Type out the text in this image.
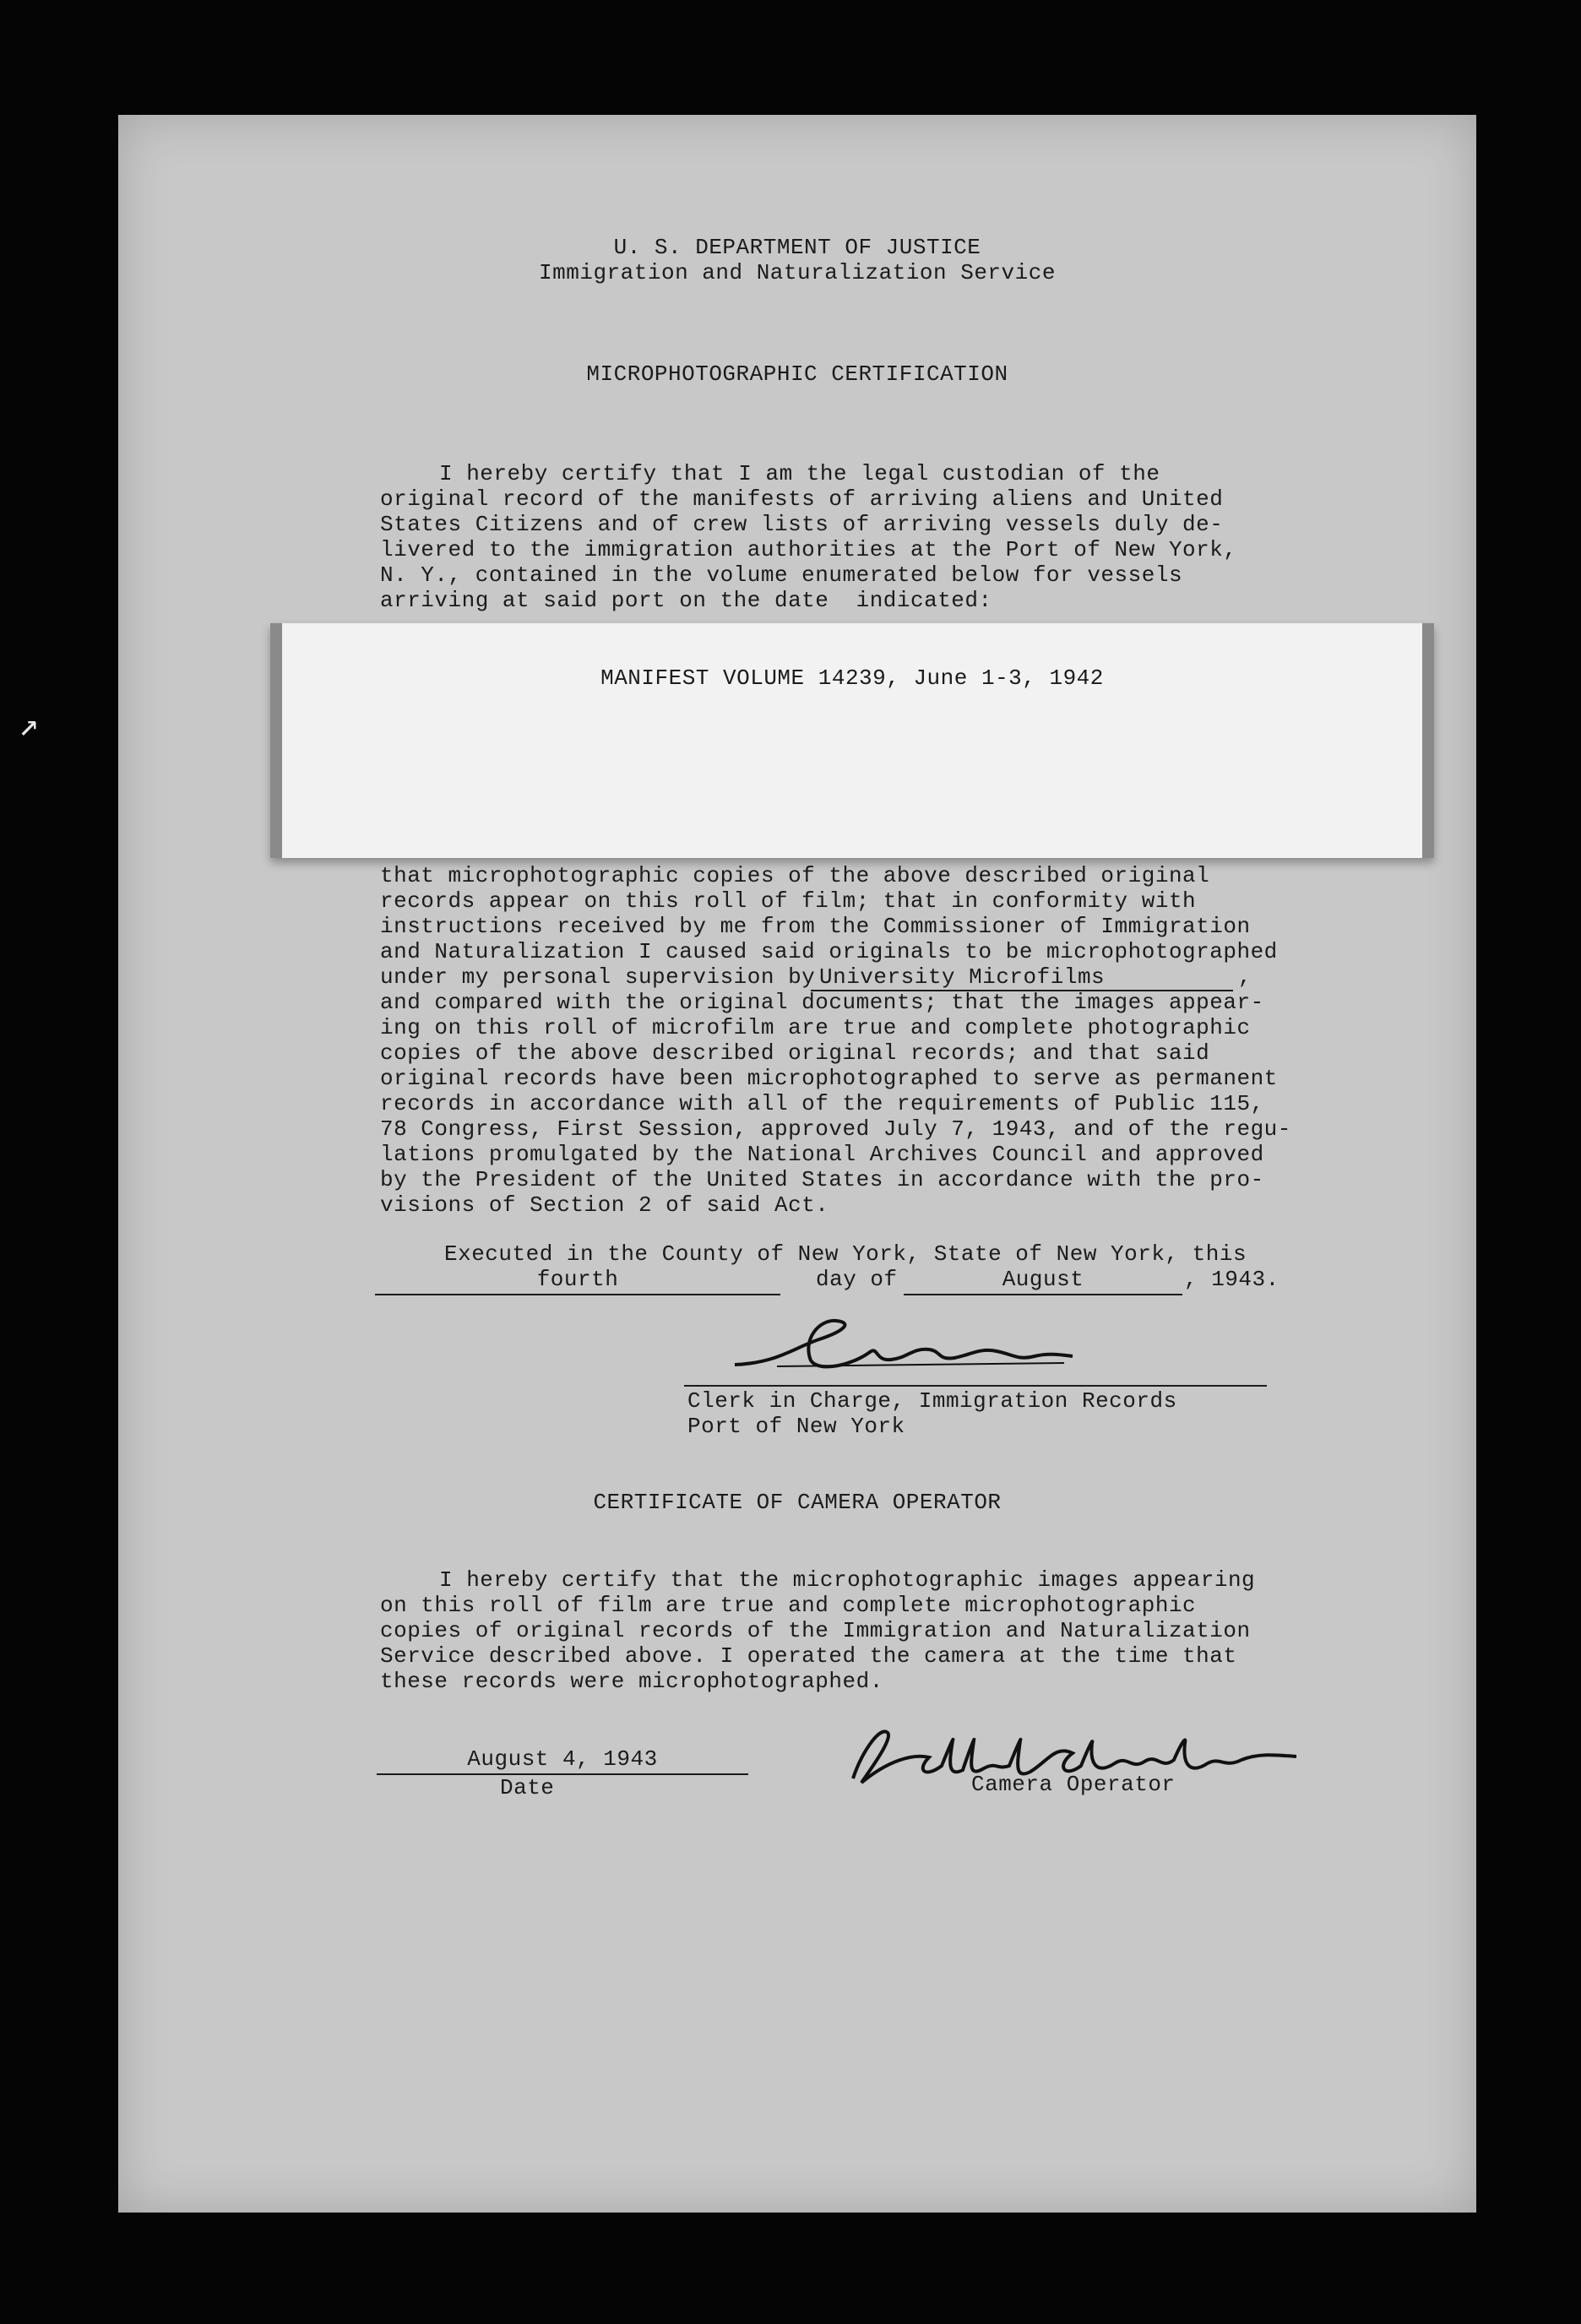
↗
U. S. DEPARTMENT OF JUSTICE
Immigration and Naturalization Service
MICROPHOTOGRAPHIC CERTIFICATION
I hereby certify that I am the legal custodian of the
original record of the manifests of arriving aliens and United
States Citizens and of crew lists of arriving vessels duly de-
livered to the immigration authorities at the Port of New York,
N. Y., contained in the volume enumerated below for vessels
arriving at said port on the date  indicated:
MANIFEST VOLUME 14239, June 1-3, 1942
that microphotographic copies of the above described original
records appear on this roll of film; that in conformity with
instructions received by me from the Commissioner of Immigration
and Naturalization I caused said originals to be microphotographed
under my personal supervision by University Microfilms	,
and compared with the original documents; that the images appear-
ing on this roll of microfilm are true and complete photographic
copies of the above described original records; and that said
original records have been microphotographed to serve as permanent
records in accordance with all of the requirements of Public 115,
78 Congress, First Session, approved July 7, 1943, and of the regu-
lations promulgated by the National Archives Council and approved
by the President of the United States in accordance with the pro-
visions of Section 2 of said Act.
Executed in the County of New York, State of New York, this
fourth	day of	August	, 1943.
Clerk in Charge, Immigration Records
Port of New York
CERTIFICATE OF CAMERA OPERATOR
I hereby certify that the microphotographic images appearing
on this roll of film are true and complete microphotographic
copies of original records of the Immigration and Naturalization
Service described above. I operated the camera at the time that
these records were microphotographed.
August 4, 1943
Date	Camera Operator
